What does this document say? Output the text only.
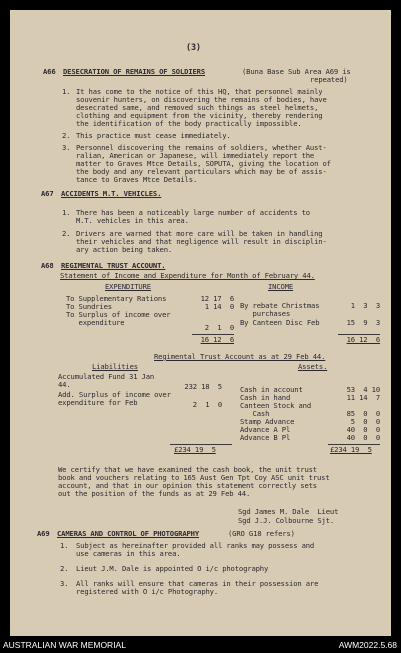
(3)
A66 DESECRATION OF REMAINS OF SOLDIERS	(Buna Base Sub Area A69 is
repeated)
1. It has come to the notice of this HQ, that personnel mainly
souvenir hunters, on discovering the remains of bodies, have
desecrated same, and removed such things as steel helmets,
clothing and equipment from the vicinity, thereby rendering
the identification of the body practically impossible.
2. This practice must cease immediately.
3. Personnel discovering the remains of soldiers, whether Aust-
ralian, American or Japanese, will immediately report the
matter to Graves Mtce Details, SOPUTA, giving the location of
the body and any relevant particulars which may be of assis-
tance to Graves Mtce Details.
A67 ACCIDENTS M.T. VEHICLES.
1. There has been a noticeably large number of accidents to
M.T. vehicles in this area.
2. Drivers are warned that more care will be taken in handling
their vehicles and that negligence will result in disciplin-
ary action being taken.
A68 REGIMENTAL TRUST ACCOUNT.
Statement of Income and Expenditure for Month of February 44.
EXPENDITURE	INCOME
To Supplementary Rations	12 17  6
To Sundries	1 14  0
To Surplus of income over
expenditure
2  1  0
16 12  6
By rebate Christmas	1  3  3
purchases
By Canteen Disc Feb	15  9  3
16 12  6
Regimental Trust Account as at 29 Feb 44.
Liabilities	Assets.
Accumulated Fund 31 Jan
44.	232 18  5
Add. Surplus of income over
expenditure for Feb	2  1  0
£234 19  5
Cash in account	53  4 10
Cash in hand	11 14  7
Canteen Stock and
Cash	85  0  0
Stamp Advance	5  0  0
Advance A Pl	40  0  0
Advance B Pl	40  0  0
£234 19  5
We certify that we have examined the cash book, the unit trust
book and vouchers relating to 165 Aust Gen Tpt Coy ASC unit trust
account, and that in our opinion this statement correctly sets
out the position of the funds as at 29 Feb 44.
Sgd James M. Dale  Lieut
Sgd J.J. Colbourne Sjt.
A69 CAMERAS AND CONTROL OF PHOTOGRAPHY	(GRO G18 refers)
1. Subject as hereinafter provided all ranks may possess and
use cameras in this area.
2. Lieut J.M. Dale is appointed O i/c photography
3. All ranks will ensure that cameras in their possession are
registered with O i/c Photography.
AUSTRALIAN WAR MEMORIAL	AWM2022.5.68
